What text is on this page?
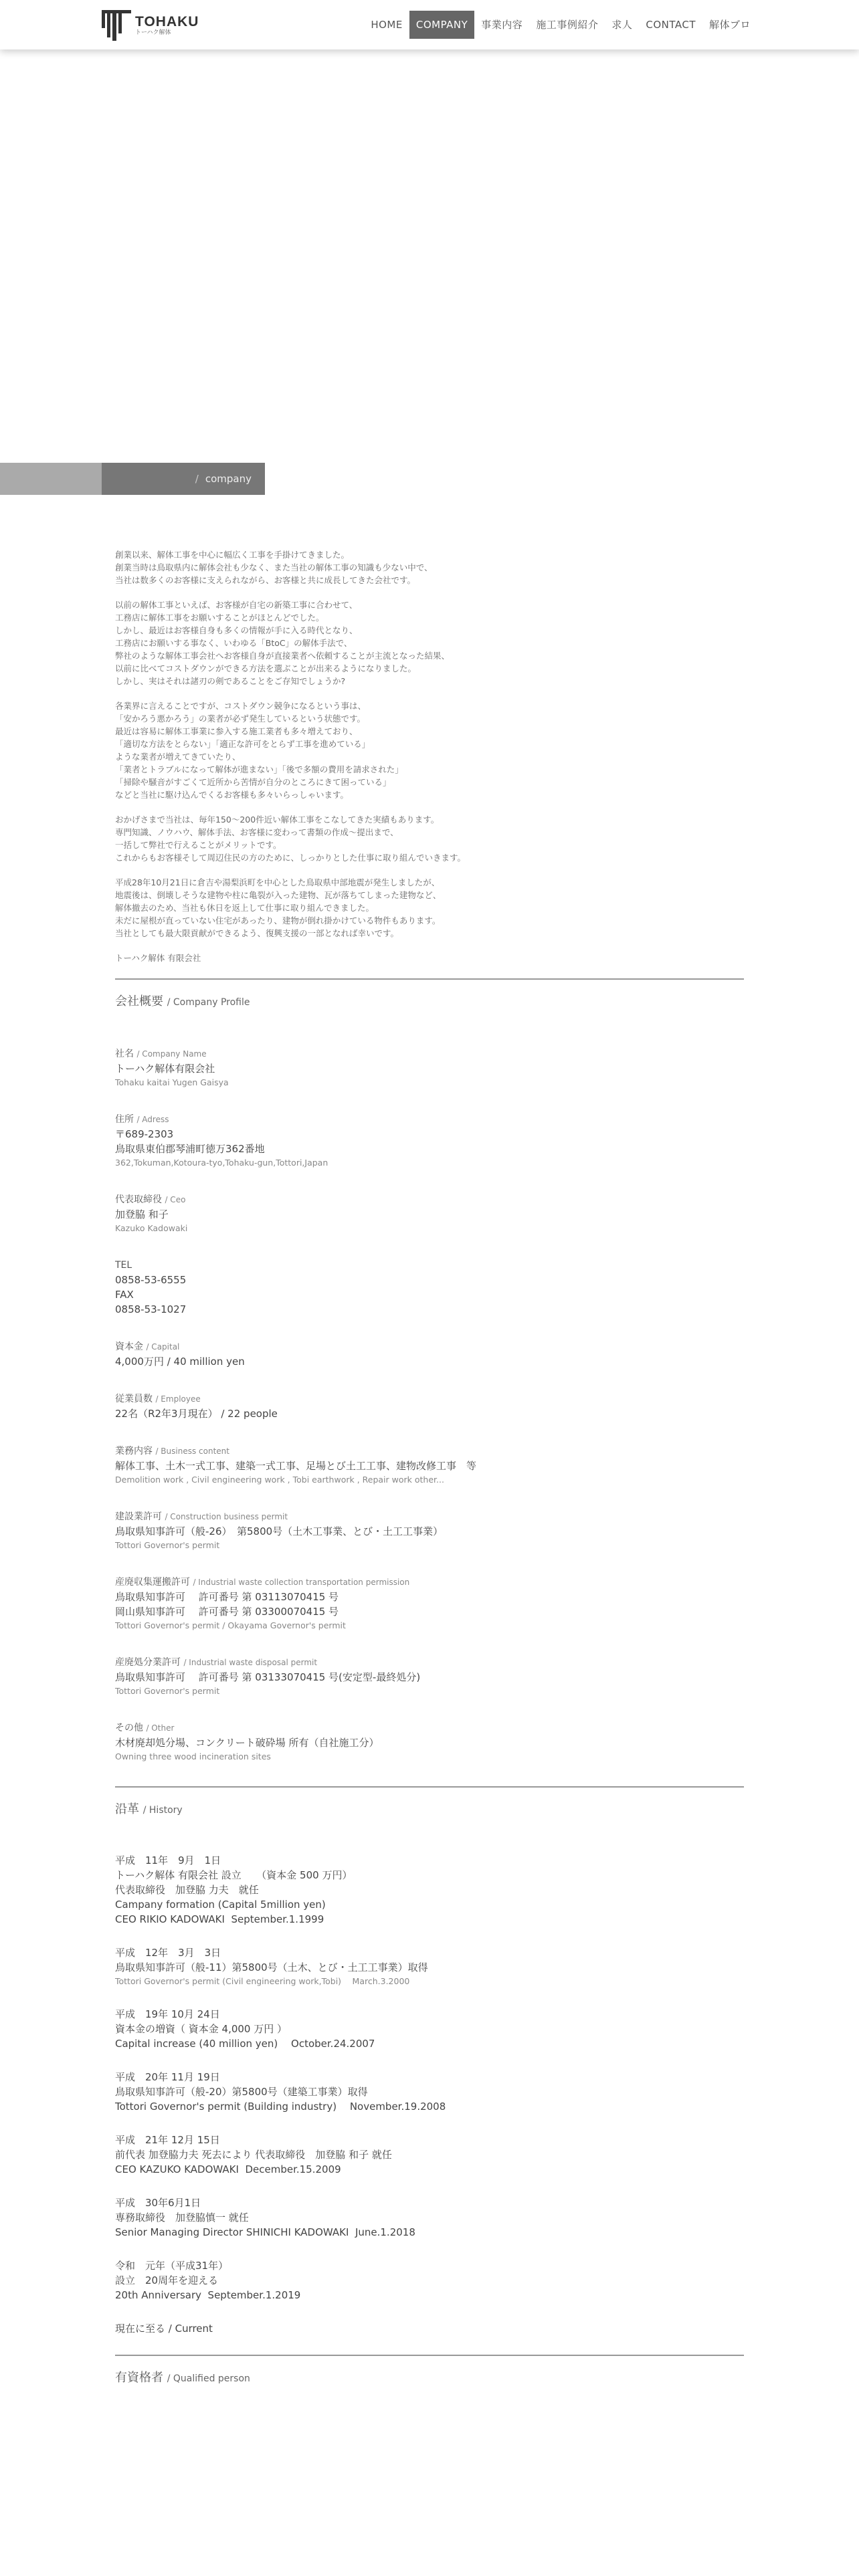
TOHAKU
トーハク解体
HOME	COMPANY	事業内容	施工事例紹介	求人	CONTACT	解体ブロ
/ company

創業以来、解体工事を中心に幅広く工事を手掛けてきました。

創業当時は鳥取県内に解体会社も少なく、また当社の解体工事の知識も少ない中で、

当社は数多くのお客様に支えられながら、お客様と共に成長してきた会社です。

以前の解体工事といえば、お客様が自宅の新築工事に合わせて、

工務店に解体工事をお願いすることがほとんどでした。

しかし、最近はお客様自身も多くの情報が手に入る時代となり、

工務店にお願いする事なく、いわゆる「BtoC」の解体手法で、

弊社のような解体工事会社へお客様自身が直接業者へ依頼することが主流となった結果、

以前に比べてコストダウンができる方法を選ぶことが出来るようになりました。

しかし、実はそれは諸刃の剣であることをご存知でしょうか?

各業界に言えることですが、コストダウン競争になるという事は、

「安かろう悪かろう」の業者が必ず発生しているという状態です。

最近は容易に解体工事業に参入する施工業者も多々増えており、

「適切な方法をとらない」「適正な許可をとらず工事を進めている」

ような業者が増えてきていたり、

「業者とトラブルになって解体が進まない」「後で多額の費用を請求された」

「掃除や騒音がすごくて近所から苦情が自分のところにきて困っている」

などと当社に駆け込んでくるお客様も多々いらっしゃいます。

おかげさまで当社は、毎年150〜200件近い解体工事をこなしてきた実績もあります。

専門知識、ノウハウ、解体手法、お客様に変わって書類の作成〜提出まで、

一括して弊社で行えることがメリットです。

これからもお客様そして周辺住民の方のために、しっかりとした仕事に取り組んでいきます。

平成28年10月21日に倉吉や湯梨浜町を中心とした鳥取県中部地震が発生しましたが、

地震後は、倒壊しそうな建物や柱に亀裂が入った建物、瓦が落ちてしまった建物など、

解体撤去のため、当社も休日を返上して仕事に取り組んできました。

未だに屋根が直っていない住宅があったり、建物が倒れ掛かけている物件もあります。

当社としても最大限貢献ができるよう、復興支援の一部となれば幸いです。

トーハク解体 有限会社
会社概要 / Company Profile
社名 / Company Name
トーハク解体有限会社
Tohaku kaitai Yugen Gaisya
住所 / Adress
〒689-2303
鳥取県東伯郡琴浦町徳万362番地
362,Tokuman,Kotoura-tyo,Tohaku-gun,Tottori,Japan
代表取締役 / Ceo
加登脇 和子
Kazuko Kadowaki
TEL
0858-53-6555
FAX
0858-53-1027
資本金 / Capital
4,000万円 / 40 million yen
従業員数 / Employee
22名（R2年3月現在） / 22 people
業務内容 / Business content
解体工事、土木一式工事、建築一式工事、足場とび土工工事、建物改修工事　等
Demolition work , Civil engineering work , Tobi earthwork , Repair work other...
建設業許可 / Construction business permit
鳥取県知事許可（般-26）　第5800号（土木工事業、とび・土工工事業）
Tottori Governor's permit
産廃収集運搬許可 / Industrial waste collection transportation permission
鳥取県知事許可　 許可番号 第 03113070415 号
岡山県知事許可　 許可番号 第 03300070415 号
Tottori Governor's permit / Okayama Governor's permit
産廃処分業許可 / Industrial waste disposal permit
鳥取県知事許可　 許可番号 第 03133070415 号(安定型-最終処分)
Tottori Governor's permit
その他 / Other
木材廃却処分場、コンクリート破砕場 所有（自社施工分）
Owning three wood incineration sites
沿革 / History
平成　11年　9月　1日
トーハク解体 有限会社 設立　　（資本金 500 万円）
代表取締役　加登脇 力夫　就任
Campany formation (Capital 5million yen)
CEO RIKIO KADOWAKI  September.1.1999
平成　12年　3月　3日
鳥取県知事許可（般-11）第5800号（土木、とび・土工工事業）取得
Tottori Governor's permit (Civil engineering work,Tobi)　 March.3.2000
平成　19年 10月 24日
資本金の増資（ 資本金 4,000 万円 ）
Capital increase (40 million yen)　 October.24.2007
平成　20年 11月 19日
鳥取県知事許可（般-20）第5800号（建築工事業）取得
Tottori Governor's permit (Building industry)　 November.19.2008
平成　21年 12月 15日
前代表 加登脇力夫 死去により 代表取締役　加登脇 和子 就任
CEO KAZUKO KADOWAKI  December.15.2009
平成　30年6月1日
専務取締役　加登脇慎一 就任
Senior Managing Director SHINICHI KADOWAKI  June.1.2018
令和　元年（平成31年）
設立　20周年を迎える
20th Anniversary  September.1.2019
現在に至る / Current
有資格者 / Qualified person
